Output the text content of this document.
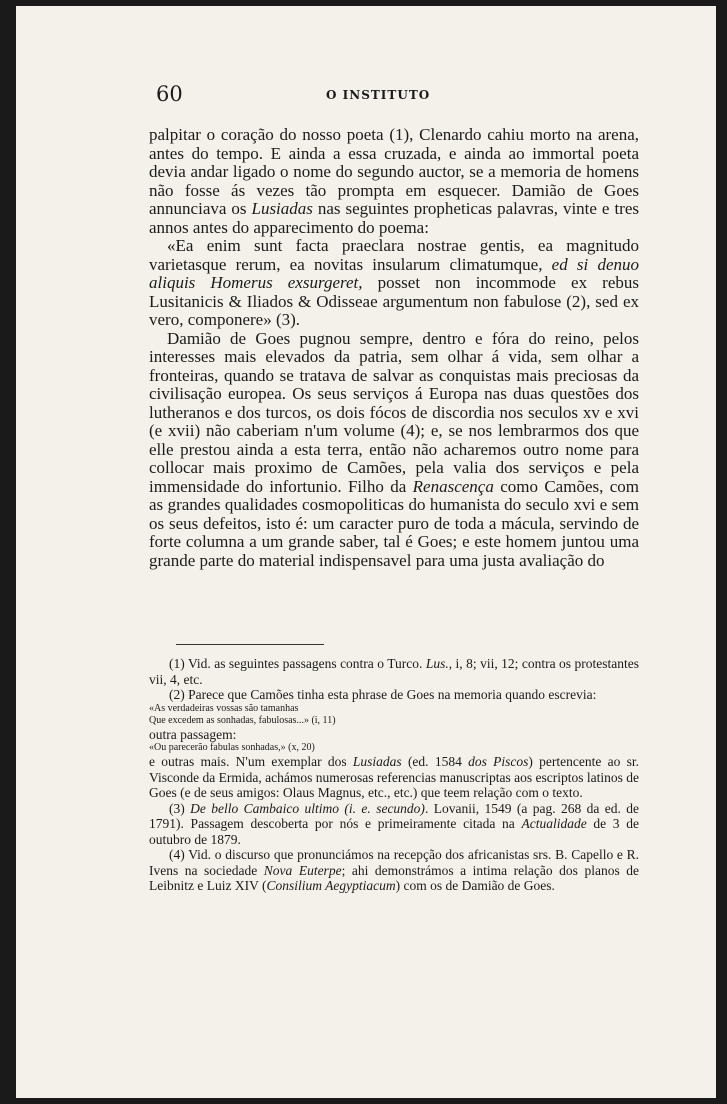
60	O INSTITUTO

palpitar o coração do nosso poeta (1), Clenardo cahiu morto na arena, antes do tempo. E ainda a essa cruzada, e ainda ao immortal poeta devia andar ligado o nome do segundo auctor, se a memoria de homens não fosse ás vezes tão prompta em esquecer. Damião de Goes annunciava os Lusiadas nas seguintes propheticas palavras, vinte e tres annos antes do apparecimento do poema:

«Ea enim sunt facta praeclara nostrae gentis, ea magnitudo varietasque rerum, ea novitas insularum climatumque, ed si denuo aliquis Homerus exsurgeret, posset non incommode ex rebus Lusitanicis & Iliados & Odisseae argumentum non fabulose (2), sed ex vero, componere» (3).

Damião de Goes pugnou sempre, dentro e fóra do reino, pelos interesses mais elevados da patria, sem olhar á vida, sem olhar a fronteiras, quando se tratava de salvar as conquistas mais preciosas da civilisação europea. Os seus serviços á Europa nas duas questões dos lutheranos e dos turcos, os dois fócos de discordia nos seculos xv e xvi (e xvii) não caberiam n'um volume (4); e, se nos lembrarmos dos que elle prestou ainda a esta terra, então não acharemos outro nome para collocar mais proximo de Camões, pela valia dos serviços e pela immensidade do infortunio. Filho da Renascença como Camões, com as grandes qualidades cosmopoliticas do humanista do seculo xvi e sem os seus defeitos, isto é: um caracter puro de toda a mácula, servindo de forte columna a um grande saber, tal é Goes; e este homem juntou uma grande parte do material indispensavel para uma justa avaliação do

(1) Vid. as seguintes passagens contra o Turco. Lus., i, 8; vii, 12; contra os protestantes vii, 4, etc.

(2) Parece que Camões tinha esta phrase de Goes na memoria quando escrevia:

«As verdadeiras vossas são tamanhas
Que excedem as sonhadas, fabulosas...» (i, 11)

outra passagem:

«Ou parecerão fabulas sonhadas,» (x, 20)

e outras mais. N'um exemplar dos Lusiadas (ed. 1584 dos Piscos) pertencente ao sr. Visconde da Ermida, achámos numerosas referencias manuscriptas aos escriptos latinos de Goes (e de seus amigos: Olaus Magnus, etc., etc.) que teem relação com o texto.

(3) De bello Cambaico ultimo (i. e. secundo). Lovanii, 1549 (a pag. 268 da ed. de 1791). Passagem descoberta por nós e primeiramente citada na Actualidade de 3 de outubro de 1879.

(4) Vid. o discurso que pronunciámos na recepção dos africanistas srs. B. Capello e R. Ivens na sociedade Nova Euterpe; ahi demonstrámos a intima relação dos planos de Leibnitz e Luiz XIV (Consilium Aegyptiacum) com os de Damião de Goes.
